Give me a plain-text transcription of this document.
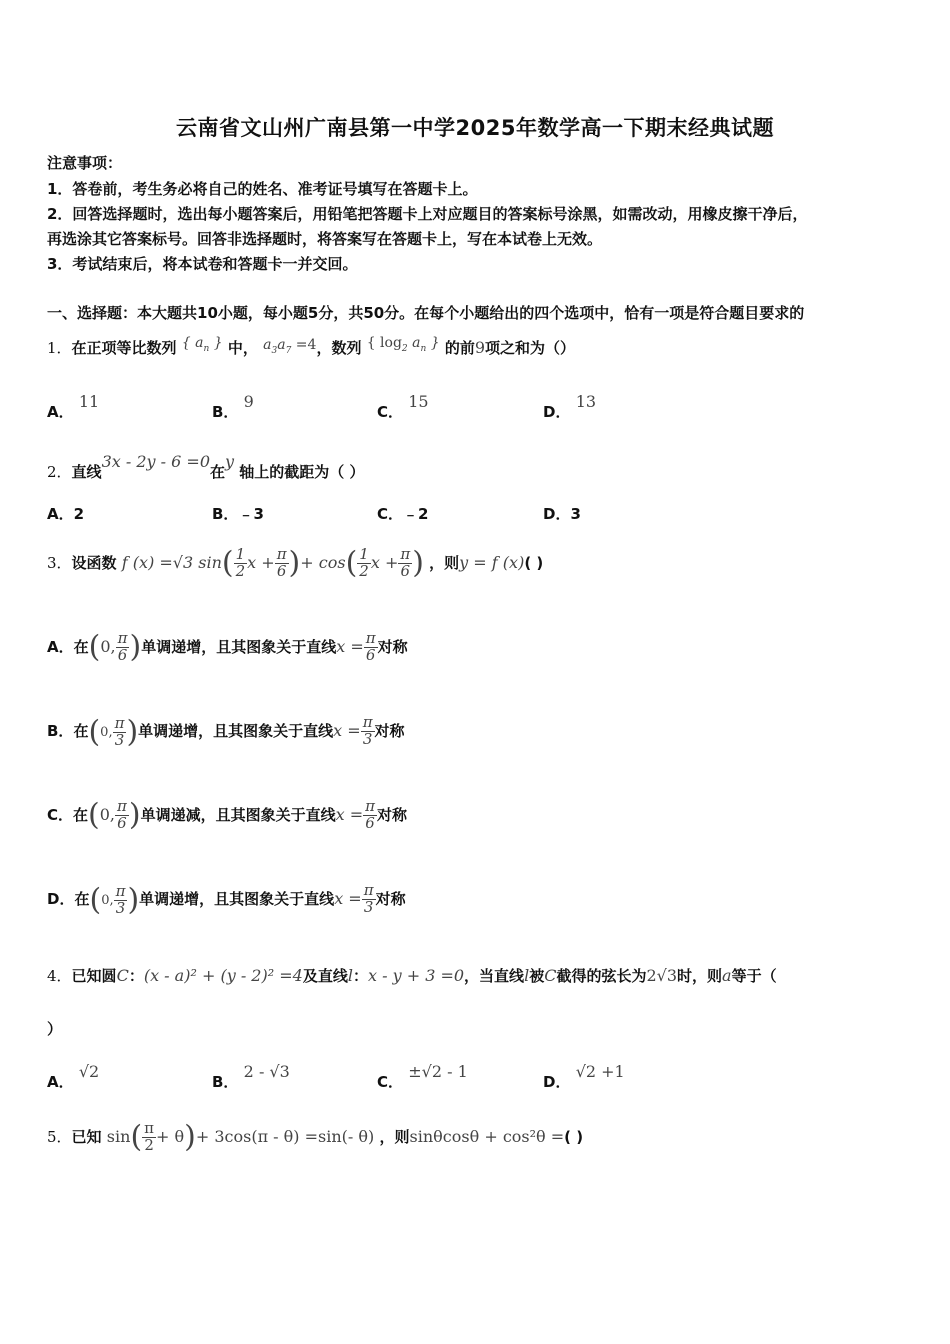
云南省文山州广南县第一中学2025年数学高一下期末经典试题
注意事项：
1．答卷前，考生务必将自己的姓名、准考证号填写在答题卡上。
2．回答选择题时，选出每小题答案后，用铅笔把答题卡上对应题目的答案标号涂黑，如需改动，用橡皮擦干净后，
再选涂其它答案标号。回答非选择题时，将答案写在答题卡上，写在本试卷上无效。
3．考试结束后，将本试卷和答题卡一并交回。
一、选择题：本大题共10小题，每小题5分，共50分。在每个小题给出的四个选项中，恰有一项是符合题目要求的
1．在正项等比数列 { $a_n$ } 中， $a_3a_7 =4$，数列 { $\log_2 a_n$ } 的前9项之和为（）
A． 11
B． 9
C． 15
D． 13
2．直线3x - 2y - 6 =0在y 轴上的截距为（ ）
A．2	B．﹣3	C．﹣2	D．3
3．设函数 f (x) =√3 $\sin( \frac{1}{2}$ $x + \frac{\pi}{6}$ )+ $\cos( \frac{1}{2}$ $x + \frac{\pi}{6}$ ) ，则y = f (x)( )
A．在(0, $\frac{\pi}{6}$ )单调递增，且其图象关于直线$x = \frac{\pi}{6}$ 对称
B．在(0, $\frac{\pi}{3}$ )单调递增，且其图象关于直线$x = \frac{\pi}{3}$ 对称
C．在(0, $\frac{\pi}{6}$ )单调递减，且其图象关于直线$x = \frac{\pi}{6}$ 对称
D．在(0, $\frac{\pi}{3}$ )单调递增，且其图象关于直线$x = \frac{\pi}{3}$ 对称
4．已知圆C：(x - a)² + (y - 2)² =4及直线l：x - y + 3 =0，当直线l被C截得的弦长为2√3时，则a等于（
）
A． √2
B． 2 - √3
C． ±√2 - 1
D． √2 +1
5．已知 $\sin( \frac{\pi}{2} + \theta)+ 3\cos(\pi - \theta) =\sin(-$ θ) ，则sinθcosθ + cos²θ =( )
